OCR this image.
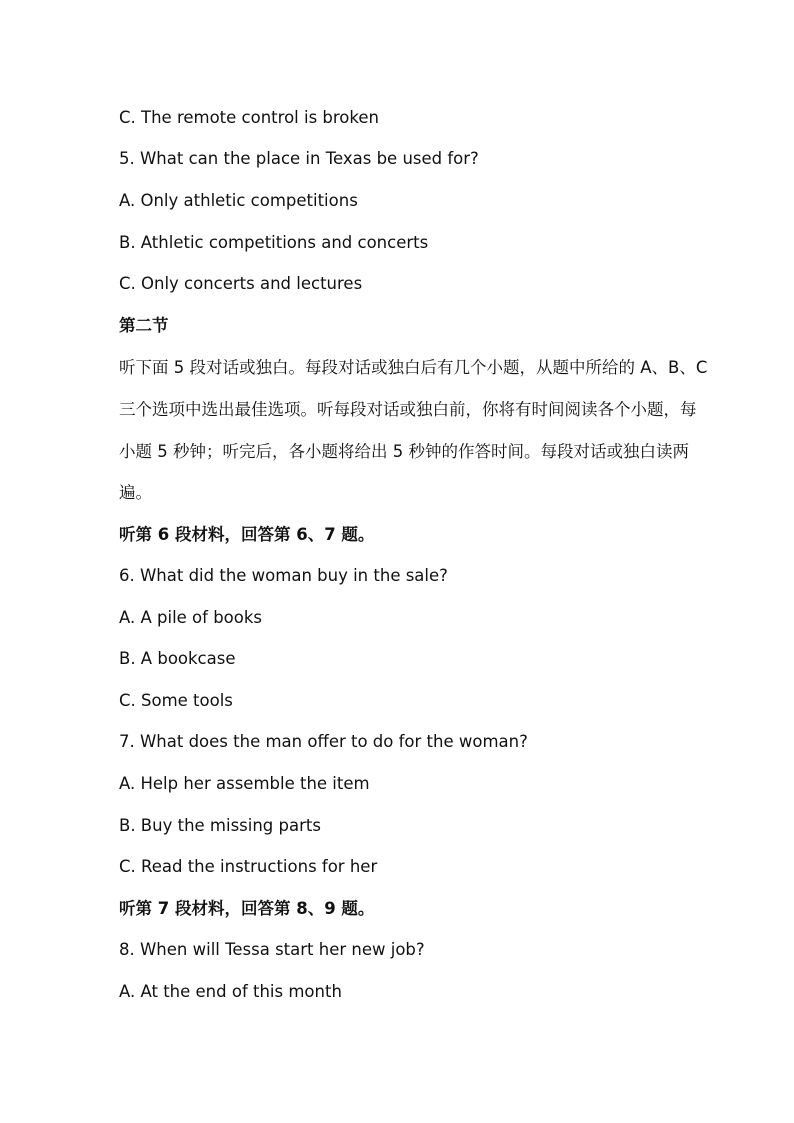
C. The remote control is broken

5. What can the place in Texas be used for?

A. Only athletic competitions

B. Athletic competitions and concerts

C. Only concerts and lectures

第二节

听下面 5 段对话或独白。每段对话或独白后有几个小题，从题中所给的 A、B、C

三个选项中选出最佳选项。听每段对话或独白前，你将有时间阅读各个小题，每

小题 5 秒钟；听完后，各小题将给出 5 秒钟的作答时间。每段对话或独白读两

遍。

听第 6 段材料，回答第 6、7 题。

6. What did the woman buy in the sale?

A. A pile of books

B. A bookcase

C. Some tools

7. What does the man offer to do for the woman?

A. Help her assemble the item

B. Buy the missing parts

C. Read the instructions for her

听第 7 段材料，回答第 8、9 题。

8. When will Tessa start her new job?

A. At the end of this month
